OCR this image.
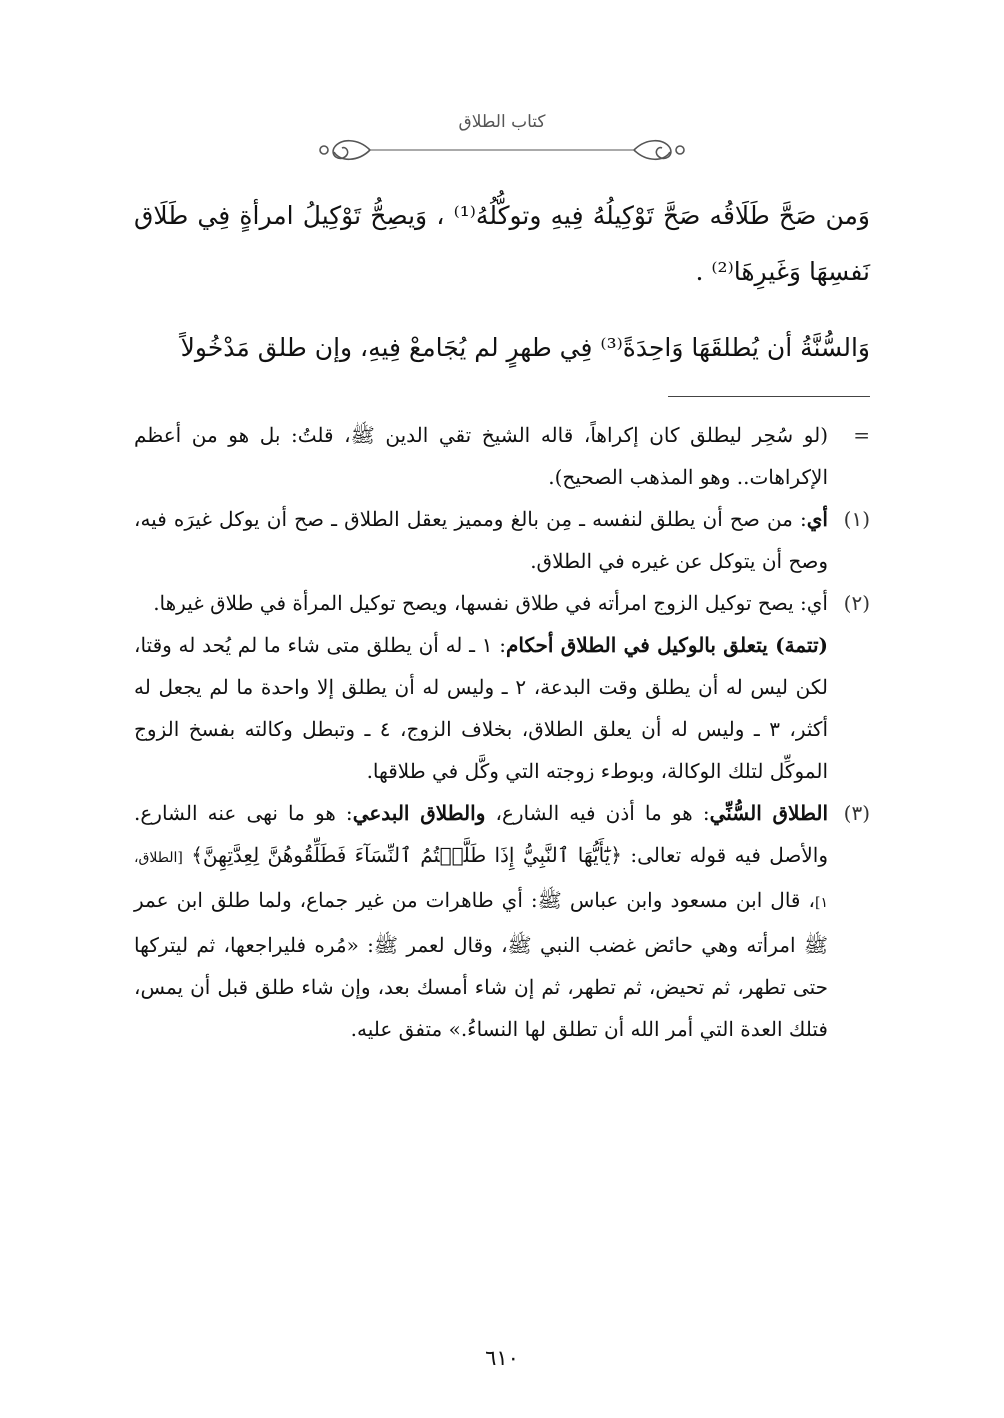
كتاب الطلاق

وَمن صَحَّ طَلَاقُه صَحَّ تَوْكِيلُهُ فِيهِ وتوكُّلُهُ⁽¹⁾ ، وَيصِحُّ تَوْكِيلُ امرأةٍ فِي طَلَاق نَفسِهَا وَغَيرِهَا⁽²⁾ .

وَالسُّنَّةُ أن يُطلقَهَا وَاحِدَةً⁽³⁾ فِي طهرٍ لم يُجَامعْ فِيهِ، وإن طلق مَدْخُولاً

=

(لو سُحِر ليطلق كان إكراهاً، قاله الشيخ تقي الدين ﷺ، قلتُ: بل هو من أعظم الإكراهات.. وهو المذهب الصحيح).

(١)

أي: من صح أن يطلق لنفسه ـ مِن بالغ ومميز يعقل الطلاق ـ صح أن يوكل غيرَه فيه، وصح أن يتوكل عن غيره في الطلاق.

(٢)

أي: يصح توكيل الزوج امرأته في طلاق نفسها، ويصح توكيل المرأة في طلاق غيرها.

(تتمة) يتعلق بالوكيل في الطلاق أحكام: ١ ـ له أن يطلق متى شاء ما لم يُحد له وقتا، لكن ليس له أن يطلق وقت البدعة، ٢ ـ وليس له أن يطلق إلا واحدة ما لم يجعل له أكثر، ٣ ـ وليس له أن يعلق الطلاق، بخلاف الزوج، ٤ ـ وتبطل وكالته بفسخ الزوج الموكِّل لتلك الوكالة، وبوطء زوجته التي وكَّل في طلاقها.

(٣)

الطلاق السُّنِّي: هو ما أذن فيه الشارع، والطلاق البدعي: هو ما نهى عنه الشارع. والأصل فيه قوله تعالى: ﴿يَٰٓأَيُّهَا ٱلنَّبِيُّ إِذَا طَلَّقۡتُمُ ٱلنِّسَآءَ فَطَلِّقُوهُنَّ لِعِدَّتِهِنَّ﴾ [الطلاق، ١]، قال ابن مسعود وابن عباس ﷺ: أي طاهرات من غير جماع، ولما طلق ابن عمر ﷺ امرأته وهي حائض غضب النبي ﷺ، وقال لعمر ﷺ: «مُره فليراجعها، ثم ليتركها حتى تطهر، ثم تحيض، ثم تطهر، ثم إن شاء أمسك بعد، وإن شاء طلق قبل أن يمس، فتلك العدة التي أمر الله أن تطلق لها النساءُ.» متفق عليه.

٦١٠
